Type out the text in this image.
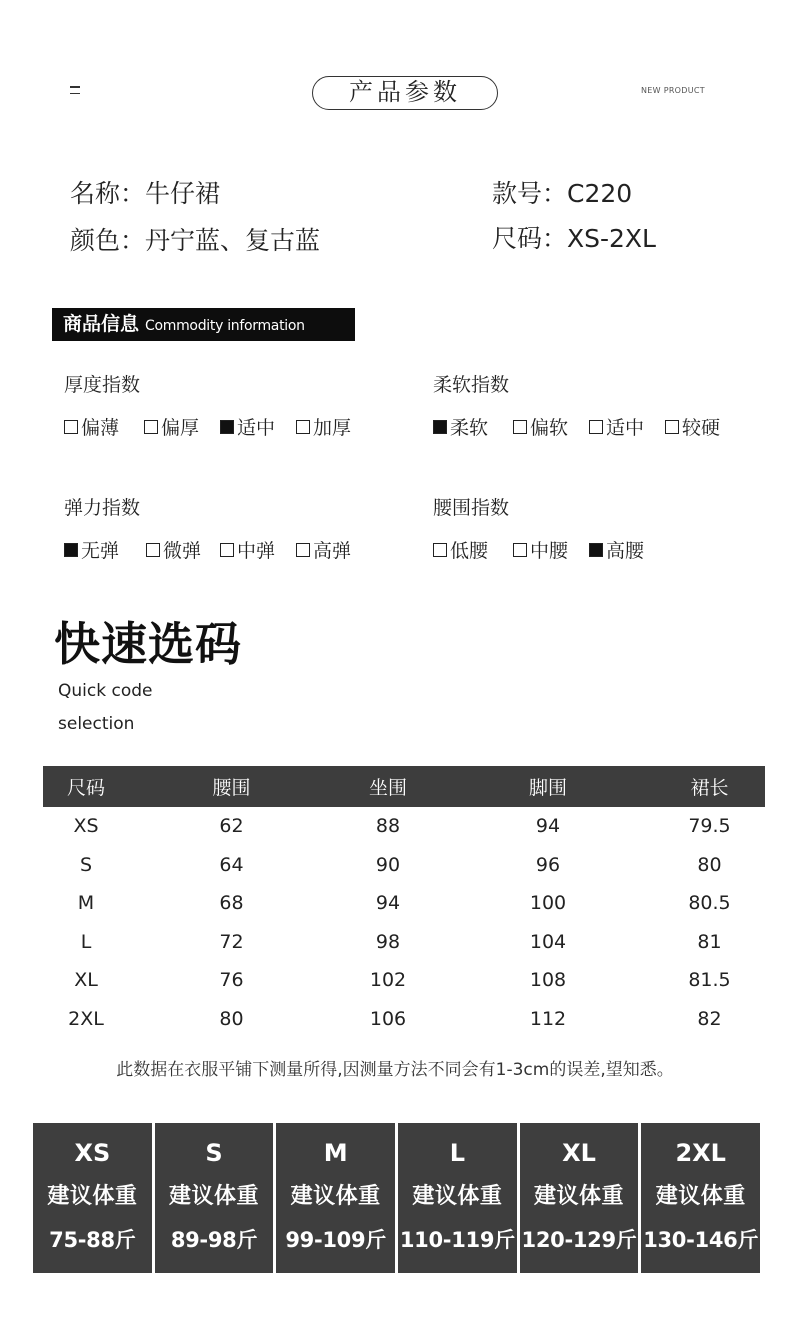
产品参数	NEW PRODUCT
名称：牛仔裙	款号：C220
颜色：丹宁蓝、复古蓝	尺码：XS-2XL
商品信息 Commodity information
厚度指数
偏薄 偏厚 适中 加厚
柔软指数
柔软 偏软 适中 较硬
弹力指数
无弹 微弹 中弹 高弹
腰围指数
低腰 中腰 高腰
快速选码
Quick code
selection
尺码	腰围	坐围	脚围	裙长
XS	62	88	94	79.5
S	64	90	96	80
M	68	94	100	80.5
L	72	98	104	81
XL	76	102	108	81.5
2XL	80	106	112	82
此数据在衣服平铺下测量所得,因测量方法不同会有1-3cm的误差,望知悉。
XS
建议体重
75-88斤
S
建议体重
89-98斤
M
建议体重
99-109斤
L
建议体重
110-119斤
XL
建议体重
120-129斤
2XL
建议体重
130-146斤
